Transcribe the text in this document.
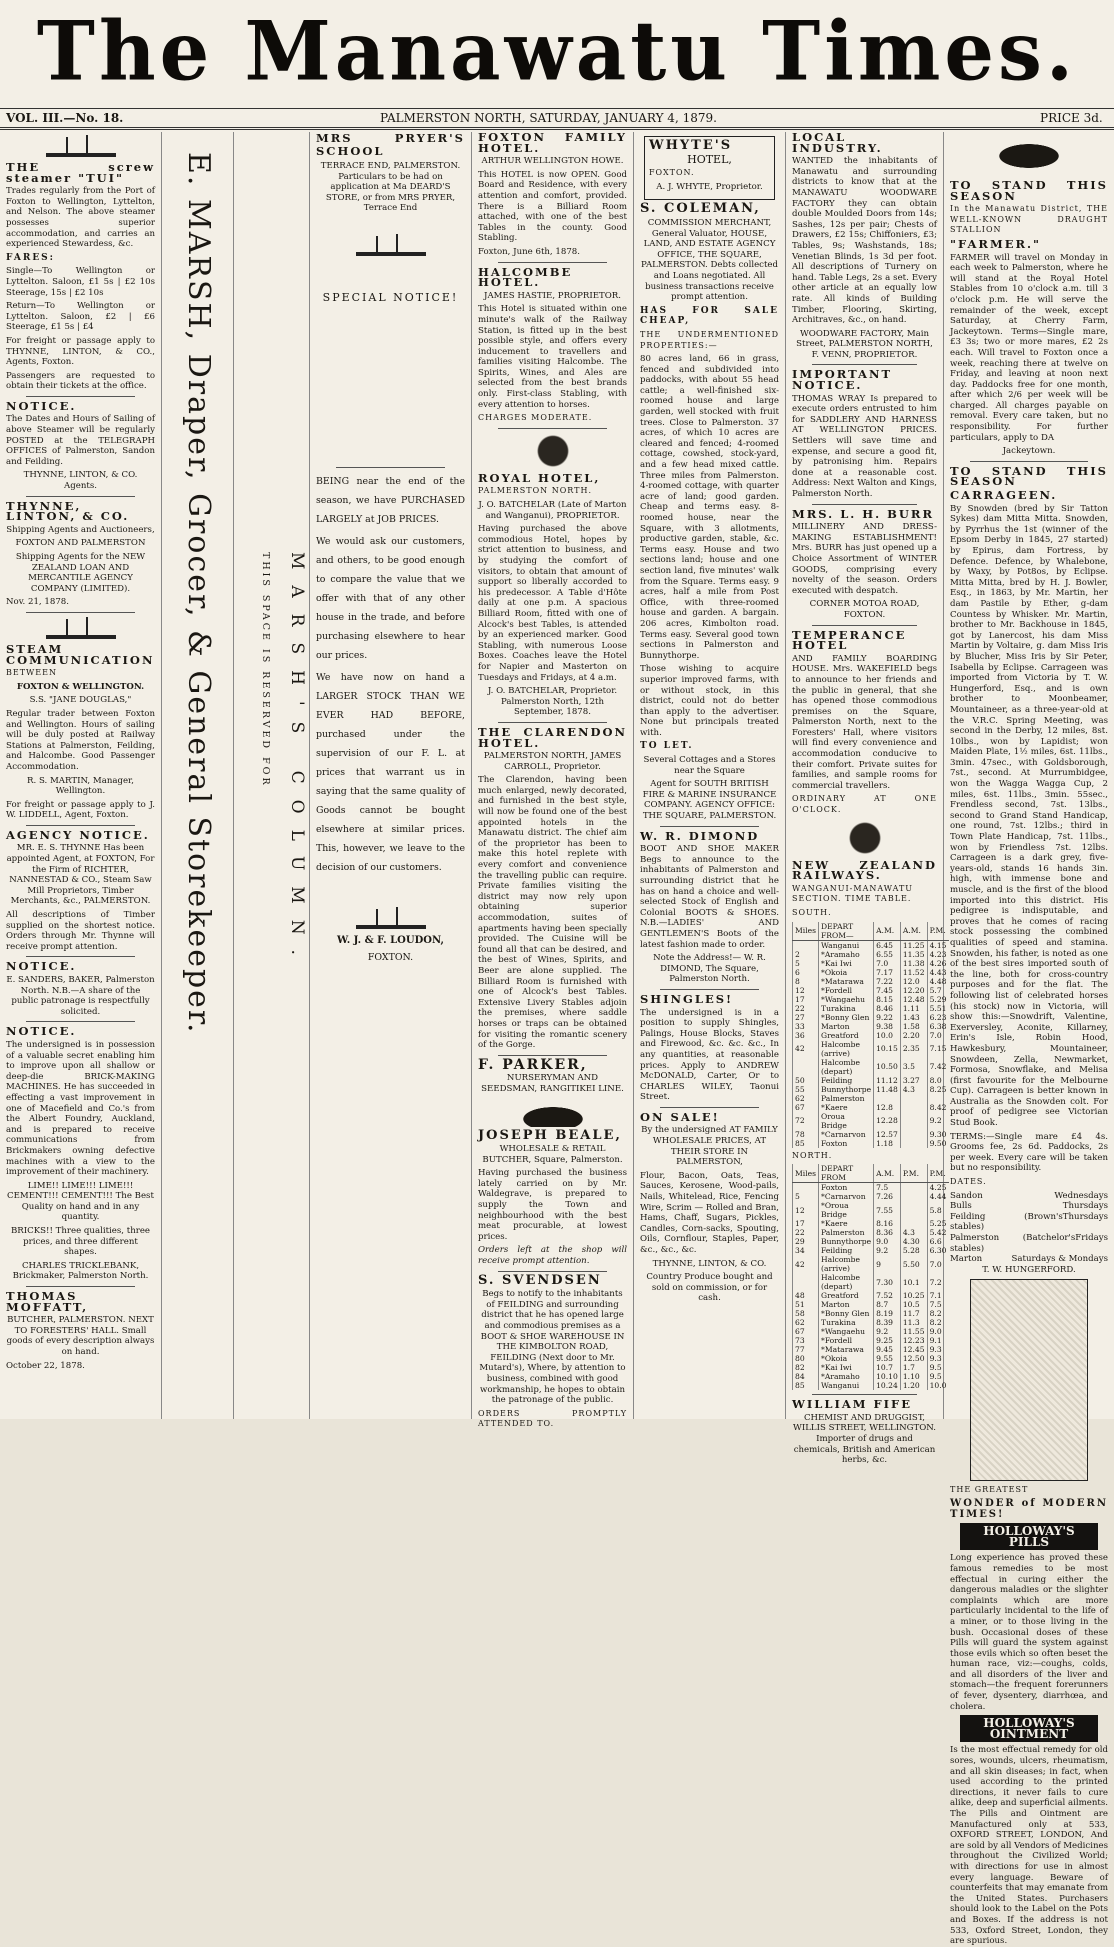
The Manawatu Times.
VOL. III.—No. 18.	PALMERSTON NORTH, SATURDAY, JANUARY 4, 1879.	PRICE 3d.

THE screw steamer "TUI"

Trades regularly from the Port of Foxton to Wellington, Lyttelton, and Nelson. The above steamer possesses superior accommodation, and carries an experienced Stewardess, &c.

FARES:

Single—To Wellington or Lyttelton. Saloon, £1 5s | £2 10s Steerage, 15s | £2 10s

Return—To Wellington or Lyttelton. Saloon, £2 | £6 Steerage, £1 5s | £4

For freight or passage apply to THYNNE, LINTON, & CO., Agents, Foxton.

Passengers are requested to obtain their tickets at the office.

NOTICE.

The Dates and Hours of Sailing of above Steamer will be regularly POSTED at the TELEGRAPH OFFICES of Palmerston, Sandon and Feilding.

THYNNE, LINTON, & CO. Agents.

THYNNE, LINTON, & CO.

Shipping Agents and Auctioneers,

FOXTON AND PALMERSTON

Shipping Agents for the NEW ZEALAND LOAN AND MERCANTILE AGENCY COMPANY (LIMITED).

Nov. 21, 1878.

STEAM COMMUNICATION

BETWEEN

FOXTON & WELLINGTON.

S.S. "JANE DOUGLAS,"

Regular trader between Foxton and Wellington. Hours of sailing will be duly posted at Railway Stations at Palmerston, Feilding, and Halcombe. Good Passenger Accommodation.

R. S. MARTIN, Manager, Wellington.

For freight or passage apply to J. W. LIDDELL, Agent, Foxton.

AGENCY NOTICE.

MR. E. S. THYNNE Has been appointed Agent, at FOXTON, For the Firm of RICHTER, NANNESTAD & CO., Steam Saw Mill Proprietors, Timber Merchants, &c., PALMERSTON.

All descriptions of Timber supplied on the shortest notice. Orders through Mr. Thynne will receive prompt attention.

NOTICE.

E. SANDERS, BAKER, Palmerston North. N.B.—A share of the public patronage is respectfully solicited.

NOTICE.

The undersigned is in possession of a valuable secret enabling him to improve upon all shallow or deep-die BRICK-MAKING MACHINES. He has succeeded in effecting a vast improvement in one of Macefield and Co.'s from the Albert Foundry, Auckland, and is prepared to receive communications from Brickmakers owning defective machines with a view to the improvement of their machinery.

LIME!! LIME!!! LIME!!! CEMENT!!! CEMENT!!! The Best Quality on hand and in any quantity.

BRICKS!! Three qualities, three prices, and three different shapes.

CHARLES TRICKLEBANK, Brickmaker, Palmerston North.

THOMAS MOFFATT,

BUTCHER, PALMERSTON. NEXT TO FORESTERS' HALL. Small goods of every description always on hand.

October 22, 1878.

E. MARSH, Draper, Grocer, & General Storekeeper.	THIS SPACE IS RESERVED FOR MARSH'S COLUMN.

MRS PRYER'S SCHOOL

TERRACE END, PALMERSTON. Particulars to be had on application at Ma DEARD'S STORE, or from MRS PRYER, Terrace End

SPECIAL NOTICE!

BEING near the end of the season, we have PURCHASED LARGELY at JOB PRICES.

We would ask our customers, and others, to be good enough to compare the value that we offer with that of any other house in the trade, and before purchasing elsewhere to hear our prices.

We have now on hand a LARGER STOCK THAN WE EVER HAD BEFORE, purchased under the supervision of our F. L. at prices that warrant us in saying that the same quality of Goods cannot be bought elsewhere at similar prices. This, however, we leave to the decision of our customers.

W. J. & F. LOUDON,

FOXTON.

FOXTON FAMILY HOTEL.

ARTHUR WELLINGTON HOWE.

This HOTEL is now OPEN. Good Board and Residence, with every attention and comfort, provided. There is a Billiard Room attached, with one of the best Tables in the county. Good Stabling.

Foxton, June 6th, 1878.

HALCOMBE HOTEL.

JAMES HASTIE, PROPRIETOR.

This Hotel is situated within one minute's walk of the Railway Station, is fitted up in the best possible style, and offers every inducement to travellers and families visiting Halcombe. The Spirits, Wines, and Ales are selected from the best brands only. First-class Stabling, with every attention to horses.

CHARGES MODERATE.

ROYAL HOTEL,

PALMERSTON NORTH.

J. O. BATCHELAR (Late of Marton and Wanganui), PROPRIETOR.

Having purchased the above commodious Hotel, hopes by strict attention to business, and by studying the comfort of visitors, to obtain that amount of support so liberally accorded to his predecessor. A Table d'Hôte daily at one p.m. A spacious Billiard Room, fitted with one of Alcock's best Tables, is attended by an experienced marker. Good Stabling, with numerous Loose Boxes. Coaches leave the Hotel for Napier and Masterton on Tuesdays and Fridays, at 4 a.m.

J. O. BATCHELAR, Proprietor. Palmerston North, 12th September, 1878.

THE CLARENDON HOTEL.

PALMERSTON NORTH, JAMES CARROLL, Proprietor.

The Clarendon, having been much enlarged, newly decorated, and furnished in the best style, will now be found one of the best appointed hotels in the Manawatu district. The chief aim of the proprietor has been to make this hotel replete with every comfort and convenience the travelling public can require. Private families visiting the district may now rely upon obtaining superior accommodation, suites of apartments having been specially provided. The Cuisine will be found all that can be desired, and the best of Wines, Spirits, and Beer are alone supplied. The Billiard Room is furnished with one of Alcock's best Tables. Extensive Livery Stables adjoin the premises, where saddle horses or traps can be obtained for visiting the romantic scenery of the Gorge.

F. PARKER,

NURSERYMAN AND SEEDSMAN, RANGITIKEI LINE.

JOSEPH BEALE,

WHOLESALE & RETAIL BUTCHER, Square, Palmerston.

Having purchased the business lately carried on by Mr. Waldegrave, is prepared to supply the Town and neighbourhood with the best meat procurable, at lowest prices.

Orders left at the shop will receive prompt attention.

S. SVENDSEN

Begs to notify to the inhabitants of FEILDING and surrounding district that he has opened large and commodious premises as a BOOT & SHOE WAREHOUSE IN THE KIMBOLTON ROAD, FEILDING (Next door to Mr. Mutard's), Where, by attention to business, combined with good workmanship, he hopes to obtain the patronage of the public.

ORDERS PROMPTLY ATTENDED TO.

WHYTE'S

HOTEL,

FOXTON.

A. J. WHYTE, Proprietor.

S. COLEMAN,

COMMISSION MERCHANT, General Valuator, HOUSE, LAND, AND ESTATE AGENCY OFFICE, THE SQUARE, PALMERSTON. Debts collected and Loans negotiated. All business transactions receive prompt attention.

HAS FOR SALE CHEAP,

THE UNDERMENTIONED PROPERTIES:—

80 acres land, 66 in grass, fenced and subdivided into paddocks, with about 55 head cattle; a well-finished six-roomed house and large garden, well stocked with fruit trees. Close to Palmerston. 37 acres, of which 10 acres are cleared and fenced; 4-roomed cottage, cowshed, stock-yard, and a few head mixed cattle. Three miles from Palmerston. 4-roomed cottage, with quarter acre of land; good garden. Cheap and terms easy. 8-roomed house, near the Square, with 3 allotments, productive garden, stable, &c. Terms easy. House and two sections land; house and one section land, five minutes' walk from the Square. Terms easy. 9 acres, half a mile from Post Office, with three-roomed house and garden. A bargain. 206 acres, Kimbolton road. Terms easy. Several good town sections in Palmerston and Bunnythorpe.

Those wishing to acquire superior improved farms, with or without stock, in this district, could not do better than apply to the advertiser. None but principals treated with.

TO LET.

Several Cottages and a Stores near the Square

Agent for SOUTH BRITISH FIRE & MARINE INSURANCE COMPANY. AGENCY OFFICE: THE SQUARE, PALMERSTON.

W. R. DIMOND

BOOT AND SHOE MAKER Begs to announce to the inhabitants of Palmerston and surrounding district that he has on hand a choice and well-selected Stock of English and Colonial BOOTS & SHOES. N.B.—LADIES' AND GENTLEMEN'S Boots of the latest fashion made to order.

Note the Address!— W. R. DIMOND, The Square, Palmerston North.

SHINGLES!

The undersigned is in a position to supply Shingles, Palings, House Blocks, Staves and Firewood, &c. &c. &c., In any quantities, at reasonable prices. Apply to ANDREW McDONALD, Carter, Or to CHARLES WILEY, Taonui Street.

ON SALE!

By the undersigned AT FAMILY WHOLESALE PRICES, AT THEIR STORE IN PALMERSTON,

Flour, Bacon, Oats, Teas, Sauces, Kerosene, Wood-pails, Nails, Whitelead, Rice, Fencing Wire, Scrim — Rolled and Bran, Hams, Chaff, Sugars, Pickles, Candles, Corn-sacks, Spouting, Oils, Cornflour, Staples, Paper, &c., &c., &c.

THYNNE, LINTON, & CO.

Country Produce bought and sold on commission, or for cash.

LOCAL INDUSTRY.

WANTED the inhabitants of Manawatu and surrounding districts to know that at the MANAWATU WOODWARE FACTORY they can obtain double Moulded Doors from 14s; Sashes, 12s per pair; Chests of Drawers, £2 15s; Chiffoniers, £3; Tables, 9s; Washstands, 18s; Venetian Blinds, 1s 3d per foot. All descriptions of Turnery on hand. Table Legs, 2s a set. Every other article at an equally low rate. All kinds of Building Timber, Flooring, Skirting, Architraves, &c., on hand.

WOODWARE FACTORY, Main Street, PALMERSTON NORTH, F. VENN, PROPRIETOR.

IMPORTANT NOTICE.

THOMAS WRAY Is prepared to execute orders entrusted to him for SADDLERY AND HARNESS AT WELLINGTON PRICES. Settlers will save time and expense, and secure a good fit, by patronising him. Repairs done at a reasonable cost. Address: Next Walton and Kings, Palmerston North.

MRS. L. H. BURR

MILLINERY AND DRESS-MAKING ESTABLISHMENT! Mrs. BURR has just opened up a Choice Assortment of WINTER GOODS, comprising every novelty of the season. Orders executed with despatch.

CORNER MOTOA ROAD, FOXTON.

TEMPERANCE HOTEL

AND FAMILY BOARDING HOUSE. Mrs. WAKEFIELD begs to announce to her friends and the public in general, that she has opened those commodious premises on the Square, Palmerston North, next to the Foresters' Hall, where visitors will find every convenience and accommodation conducive to their comfort. Private suites for families, and sample rooms for commercial travellers.

ORDINARY AT ONE O'CLOCK.

NEW ZEALAND RAILWAYS.

WANGANUI-MANAWATU SECTION. TIME TABLE.

SOUTH.

Miles	DEPART FROM—	A.M.	A.M.	P.M.
	Wanganui	6.45	11.25	4.15
2	*Aramaho	6.55	11.35	4.23
5	*Kai Iwi	7.0	11.38	4.26
6	*Okoia	7.17	11.52	4.43
8	*Matarawa	7.22	12.0	4.48
12	*Fordell	7.45	12.20	5.7
17	*Wangaehu	8.15	12.48	5.29
22	Turakina	8.46	1.11	5.51
27	*Bonny Glen	9.22	1.43	6.23
33	Marton	9.38	1.58	6.38
36	Greatford	10.0	2.20	7.0
42	Halcombe (arrive)	10.15	2.35	7.15
	Halcombe (depart)	10.50	3.5	7.42
50	Feilding	11.12	3.27	8.0
55	Bunnythorpe	11.48	4.3	8.25
62	Palmerston			
67	*Kaere	12.8		8.42
72	Oroua Bridge	12.28		9.2
78	*Carnarvon	12.57		9.30
85	Foxton	1.18		9.50

NORTH.

Miles	DEPART FROM	A.M.	P.M.	P.M.
	Foxton	7.5		4.25
5	*Carnarvon	7.26		4.44
12	*Oroua Bridge	7.55		5.8
17	*Kaere	8.16		5.25
22	Palmerston	8.36	4.3	5.42
29	Bunnythorpe	9.0	4.30	6.6
34	Feilding	9.2	5.28	6.30
42	Halcombe (arrive)	9	5.50	7.0
	Halcombe (depart)	7.30	10.1	7.2
48	Greatford	7.52	10.25	7.1
51	Marton	8.7	10.5	7.5
58	*Bonny Glen	8.19	11.7	8.2
62	Turakina	8.39	11.3	8.2
67	*Wangaehu	9.2	11.55	9.0
73	*Fordell	9.25	12.23	9.1
77	*Matarawa	9.45	12.45	9.3
80	*Okoia	9.55	12.50	9.3
82	*Kai Iwi	10.7	1.7	9.5
84	*Aramaho	10.10	1.10	9.5
85	Wanganui	10.24	1.20	10.0

WILLIAM FIFE

CHEMIST AND DRUGGIST, WILLIS STREET, WELLINGTON. Importer of drugs and chemicals, British and American herbs, &c.

TO STAND THIS SEASON

In the Manawatu District, THE WELL-KNOWN DRAUGHT STALLION

"FARMER."

FARMER will travel on Monday in each week to Palmerston, where he will stand at the Royal Hotel Stables from 10 o'clock a.m. till 3 o'clock p.m. He will serve the remainder of the week, except Saturday, at Cherry Farm, Jackeytown. Terms—Single mare, £3 3s; two or more mares, £2 2s each. Will travel to Foxton once a week, reaching there at twelve on Friday, and leaving at noon next day. Paddocks free for one month, after which 2/6 per week will be charged. All charges payable on removal. Every care taken, but no responsibility. For further particulars, apply to DA

Jackeytown.

TO STAND THIS SEASON

CARRAGEEN.

By Snowden (bred by Sir Tatton Sykes) dam Mitta Mitta. Snowden, by Pyrrhus the 1st (winner of the Epsom Derby in 1845, 27 started) by Epirus, dam Fortress, by Defence. Defence, by Whalebone, by Waxy, by Pot8os, by Eclipse. Mitta Mitta, bred by H. J. Bowler, Esq., in 1863, by Mr. Martin, her dam Pastile by Ether, g-dam Countess by Whisker. Mr. Martin, brother to Mr. Backhouse in 1845, got by Lanercost, his dam Miss Martin by Voltaire, g. dam Miss Iris by Blucher, Miss Iris by Sir Peter, Isabella by Eclipse. Carrageen was imported from Victoria by T. W. Hungerford, Esq., and is own brother to Moonbeamer, Mountaineer, as a three-year-old at the V.R.C. Spring Meeting, was second in the Derby, 12 miles, 8st. 10lbs., won by Lapidist; won Maiden Plate, 1½ miles, 6st. 11lbs., 3min. 47sec., with Goldsborough, 7st., second. At Murrumbidgee, won the Wagga Wagga Cup, 2 miles, 6st. 11lbs., 3min. 55sec., Frendless second, 7st. 13lbs., second to Grand Stand Handicap, one round, 7st. 12lbs.; third in Town Plate Handicap, 7st. 11lbs., won by Friendless 7st. 12lbs. Carrageen is a dark grey, five-years-old, stands 16 hands 3in. high, with immense bone and muscle, and is the first of the blood imported into this district. His pedigree is indisputable, and proves that he comes of racing stock possessing the combined qualities of speed and stamina. Snowden, his father, is noted as one of the best sires imported south of the line, both for cross-country purposes and for the flat. The following list of celebrated horses (his stock) now in Victoria, will show this:—Snowdrift, Valentine, Exerversley, Aconite, Killarney, Erin's Isle, Robin Hood, Hawkesbury, Mountaineer, Snowdeen, Zella, Newmarket, Formosa, Snowflake, and Melisa (first favourite for the Melbourne Cup). Carrageen is better known in Australia as the Snowden colt. For proof of pedigree see Victorian Stud Book.

TERMS:—Single mare £4 4s. Grooms fee, 2s 6d. Paddocks, 2s per week. Every care will be taken but no responsibility.

DATES.

Sandon	Wednesdays

Bulls	Thursdays

Feilding (Brown's stables)
Thursdays

Palmerston (Batchelor's stables)
Fridays

Marton	Saturdays & Mondays

T. W. HUNGERFORD.

THE GREATEST

WONDER of MODERN TIMES!

HOLLOWAY'S PILLS

Long experience has proved these famous remedies to be most effectual in curing either the dangerous maladies or the slighter complaints which are more particularly incidental to the life of a miner, or to those living in the bush. Occasional doses of these Pills will guard the system against those evils which so often beset the human race, viz:—coughs, colds, and all disorders of the liver and stomach—the frequent forerunners of fever, dysentery, diarrhœa, and cholera.

HOLLOWAY'S OINTMENT

Is the most effectual remedy for old sores, wounds, ulcers, rheumatism, and all skin diseases; in fact, when used according to the printed directions, it never fails to cure alike, deep and superficial ailments. The Pills and Ointment are Manufactured only at 533, OXFORD STREET, LONDON, And are sold by all Vendors of Medicines throughout the Civilized World; with directions for use in almost every language. Beware of counterfeits that may emanate from the United States. Purchasers should look to the Label on the Pots and Boxes. If the address is not 533, Oxford Street, London, they are spurious.
